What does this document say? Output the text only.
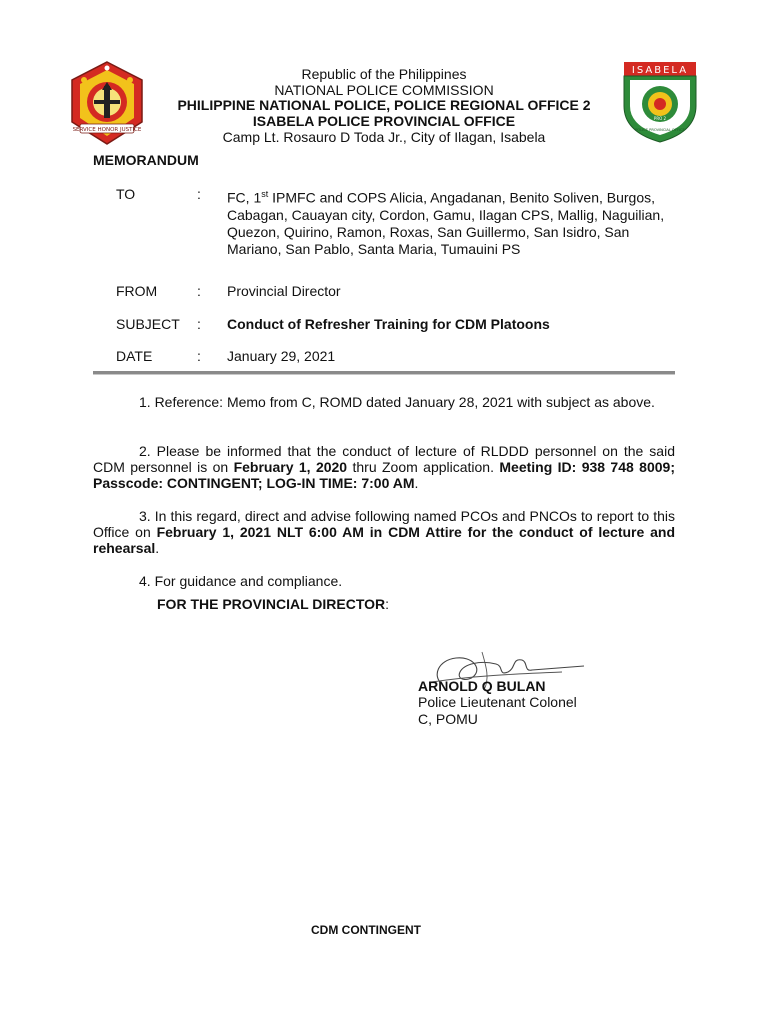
SERVICE HONOR JUSTICE
ISABELA
PRO 2
POLICE PROVINCIAL OFFICE
Republic of the Philippines
NATIONAL POLICE COMMISSION
PHILIPPINE NATIONAL POLICE, POLICE REGIONAL OFFICE 2
ISABELA POLICE PROVINCIAL OFFICE
Camp Lt. Rosauro D Toda Jr., City of Ilagan, Isabela
MEMORANDUM
TO	: FC, 1st IPMFC and COPS Alicia, Angadanan, Benito Soliven, Burgos, Cabagan, Cauayan city, Cordon, Gamu, Ilagan CPS, Mallig, Naguilian, Quezon, Quirino, Ramon, Roxas, San Guillermo, San Isidro, San Mariano, San Pablo, Santa Maria, Tumauini PS
FROM	: Provincial Director
SUBJECT : Conduct of Refresher Training for CDM Platoons
DATE	: January 29, 2021
1. Reference: Memo from C, ROMD dated January 28, 2021 with subject as above.
2. Please be informed that the conduct of lecture of RLDDD personnel on the said CDM personnel is on February 1, 2020 thru Zoom application. Meeting ID: 938 748 8009; Passcode: CONTINGENT; LOG-IN TIME: 7:00 AM.
3. In this regard, direct and advise following named PCOs and PNCOs to report to this Office on February 1, 2021 NLT 6:00 AM in CDM Attire for the conduct of lecture and rehearsal.
4. For guidance and compliance.
FOR THE PROVINCIAL DIRECTOR:
ARNOLD Q BULAN
Police Lieutenant Colonel
C, POMU
CDM CONTINGENT
